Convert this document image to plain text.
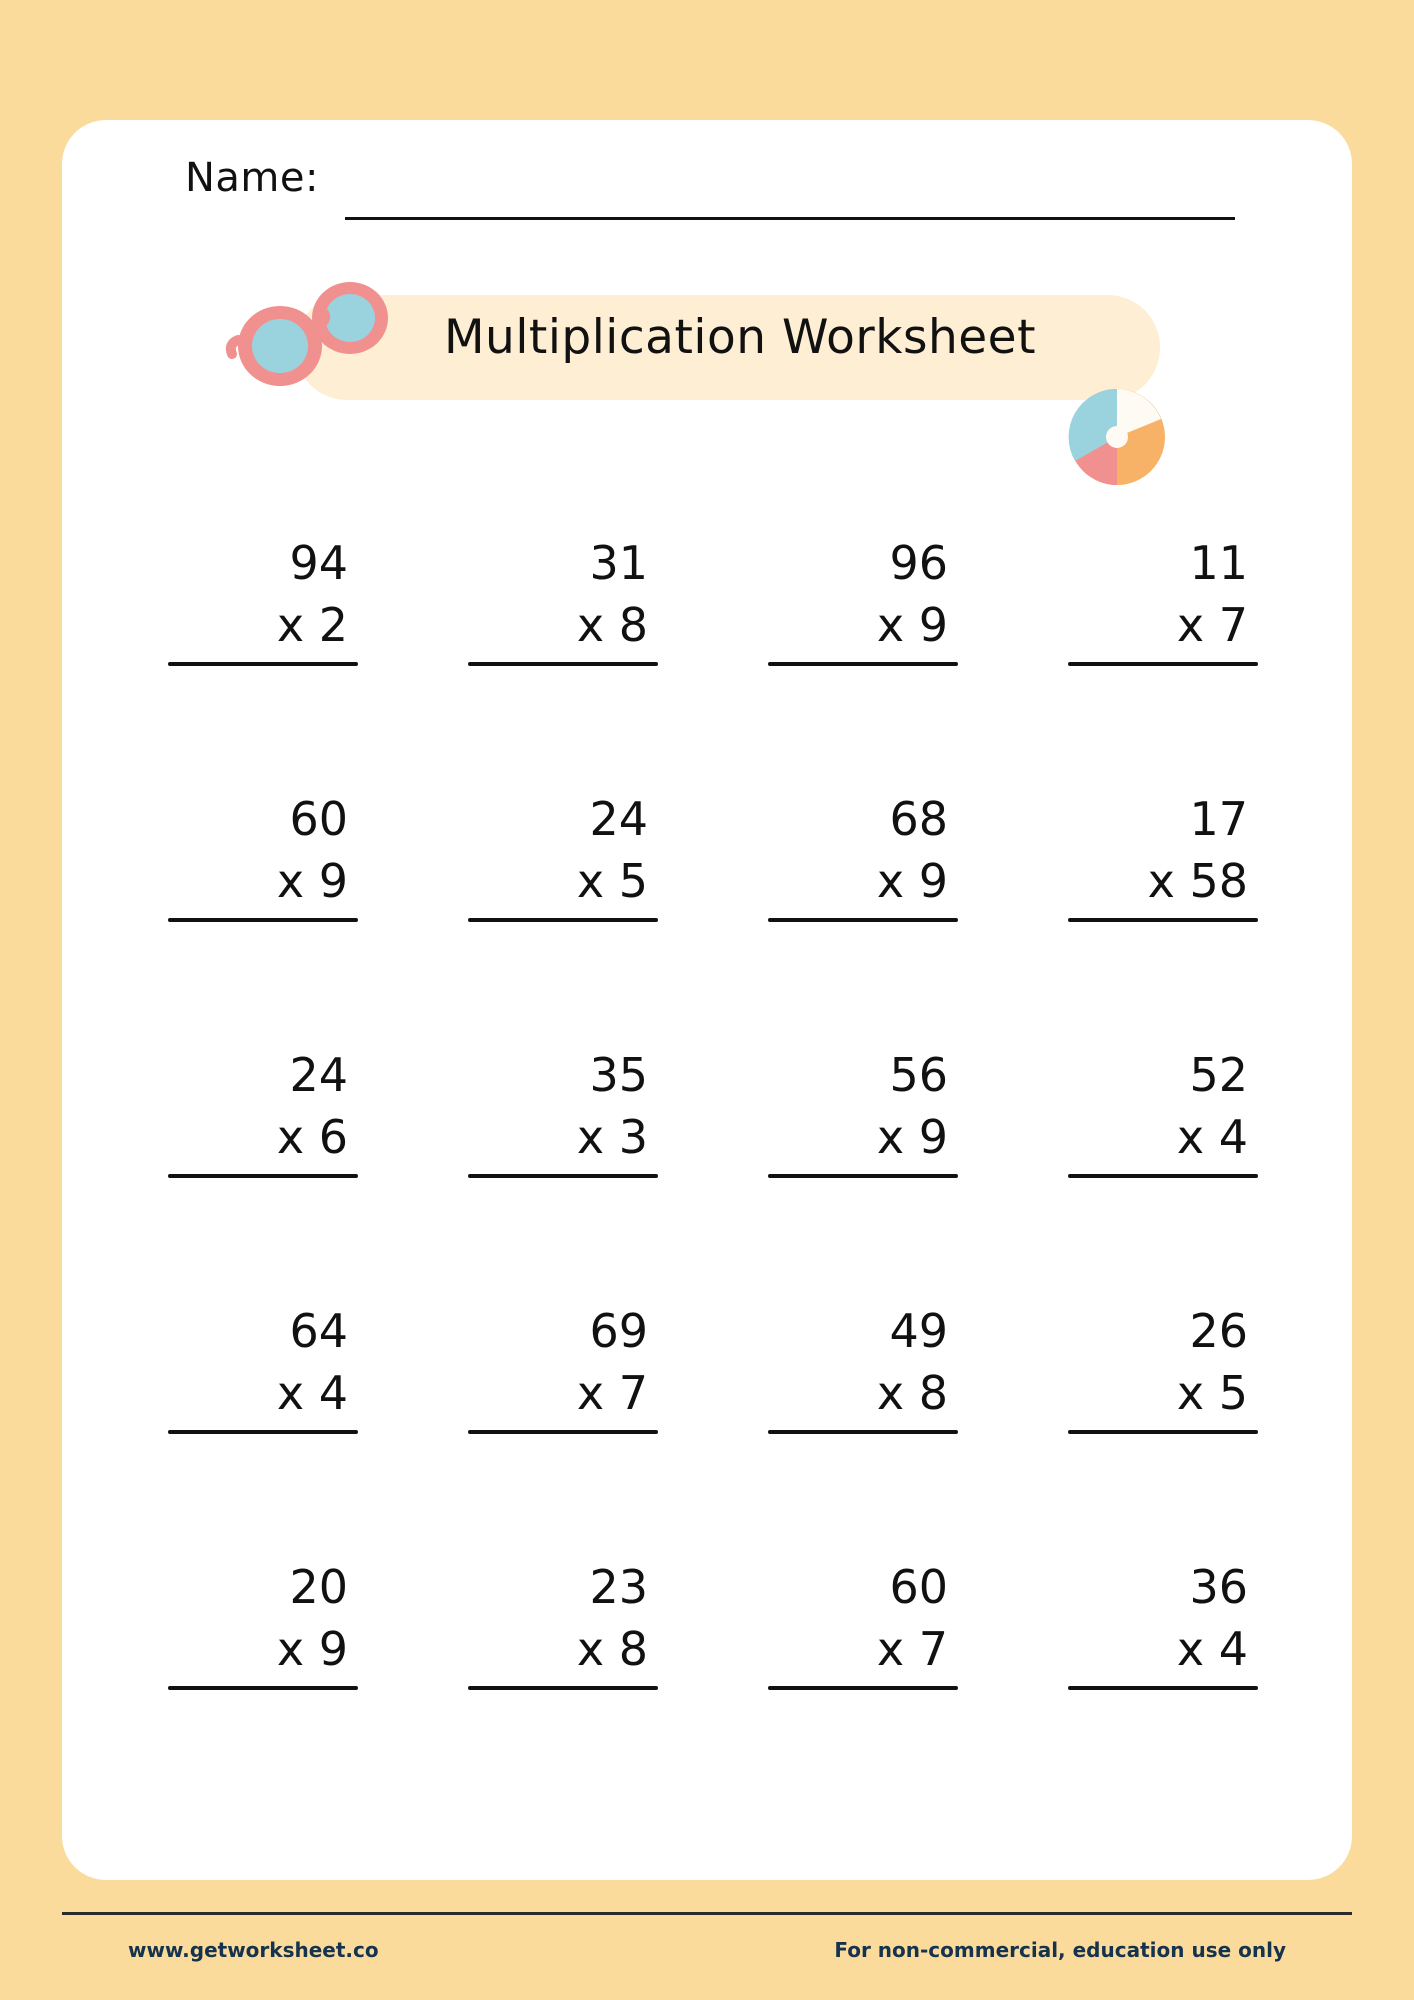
Name:
Multiplication Worksheet
94
x 2
31
x 8
96
x 9
11
x 7
60
x 9
24
x 5
68
x 9
17
x 58
24
x 6
35
x 3
56
x 9
52
x 4
64
x 4
69
x 7
49
x 8
26
x 5
20
x 9
23
x 8
60
x 7
36
x 4
www.getworksheet.co	For non-commercial, education use only
